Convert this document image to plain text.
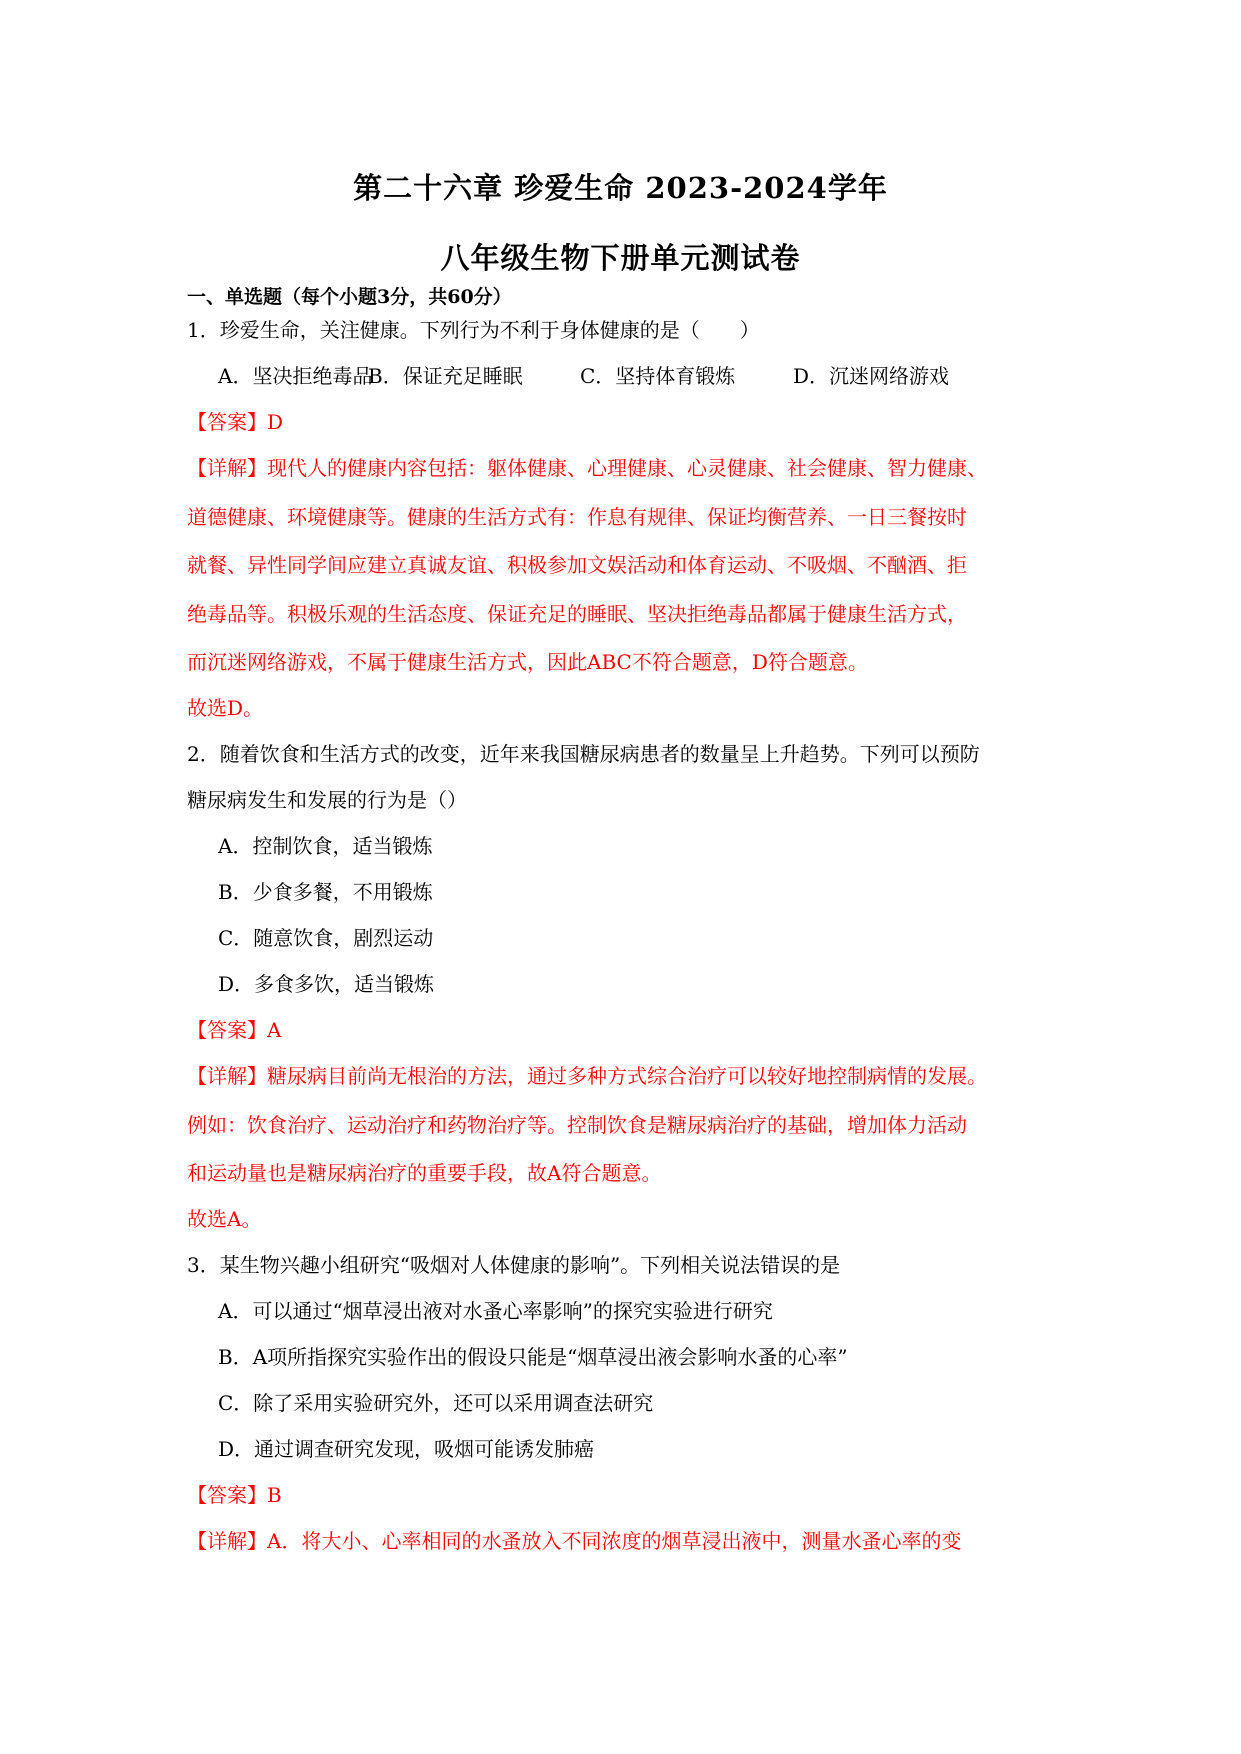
第二十六章 珍爱生命 2023-2024学年
八年级生物下册单元测试卷
一、单选题（每个小题3分，共60分）
1．珍爱生命，关注健康。下列行为不利于身体健康的是（　　）
A．坚决拒绝毒品
B．保证充足睡眠	C．坚持体育锻炼	D．沉迷网络游戏
【答案】D
【详解】现代人的健康内容包括：躯体健康、心理健康、心灵健康、社会健康、智力健康、
道德健康、环境健康等。健康的生活方式有：作息有规律、保证均衡营养、一日三餐按时
就餐、异性同学间应建立真诚友谊、积极参加文娱活动和体育运动、不吸烟、不酗酒、拒
绝毒品等。积极乐观的生活态度、保证充足的睡眠、坚决拒绝毒品都属于健康生活方式，
而沉迷网络游戏，不属于健康生活方式，因此ABC不符合题意，D符合题意。
故选D。
2．随着饮食和生活方式的改变，近年来我国糖尿病患者的数量呈上升趋势。下列可以预防
糖尿病发生和发展的行为是（）
A．控制饮食，适当锻炼
B．少食多餐，不用锻炼
C．随意饮食，剧烈运动
D．多食多饮，适当锻炼
【答案】A
【详解】糖尿病目前尚无根治的方法，通过多种方式综合治疗可以较好地控制病情的发展。
例如：饮食治疗、运动治疗和药物治疗等。控制饮食是糖尿病治疗的基础，增加体力活动
和运动量也是糖尿病治疗的重要手段，故A符合题意。
故选A。
3．某生物兴趣小组研究“吸烟对人体健康的影响”。下列相关说法错误的是
A．可以通过“烟草浸出液对水蚤心率影响”的探究实验进行研究
B．A项所指探究实验作出的假设只能是“烟草浸出液会影响水蚤的心率”
C．除了采用实验研究外，还可以采用调查法研究
D．通过调查研究发现，吸烟可能诱发肺癌
【答案】B
【详解】A．将大小、心率相同的水蚤放入不同浓度的烟草浸出液中，测量水蚤心率的变
